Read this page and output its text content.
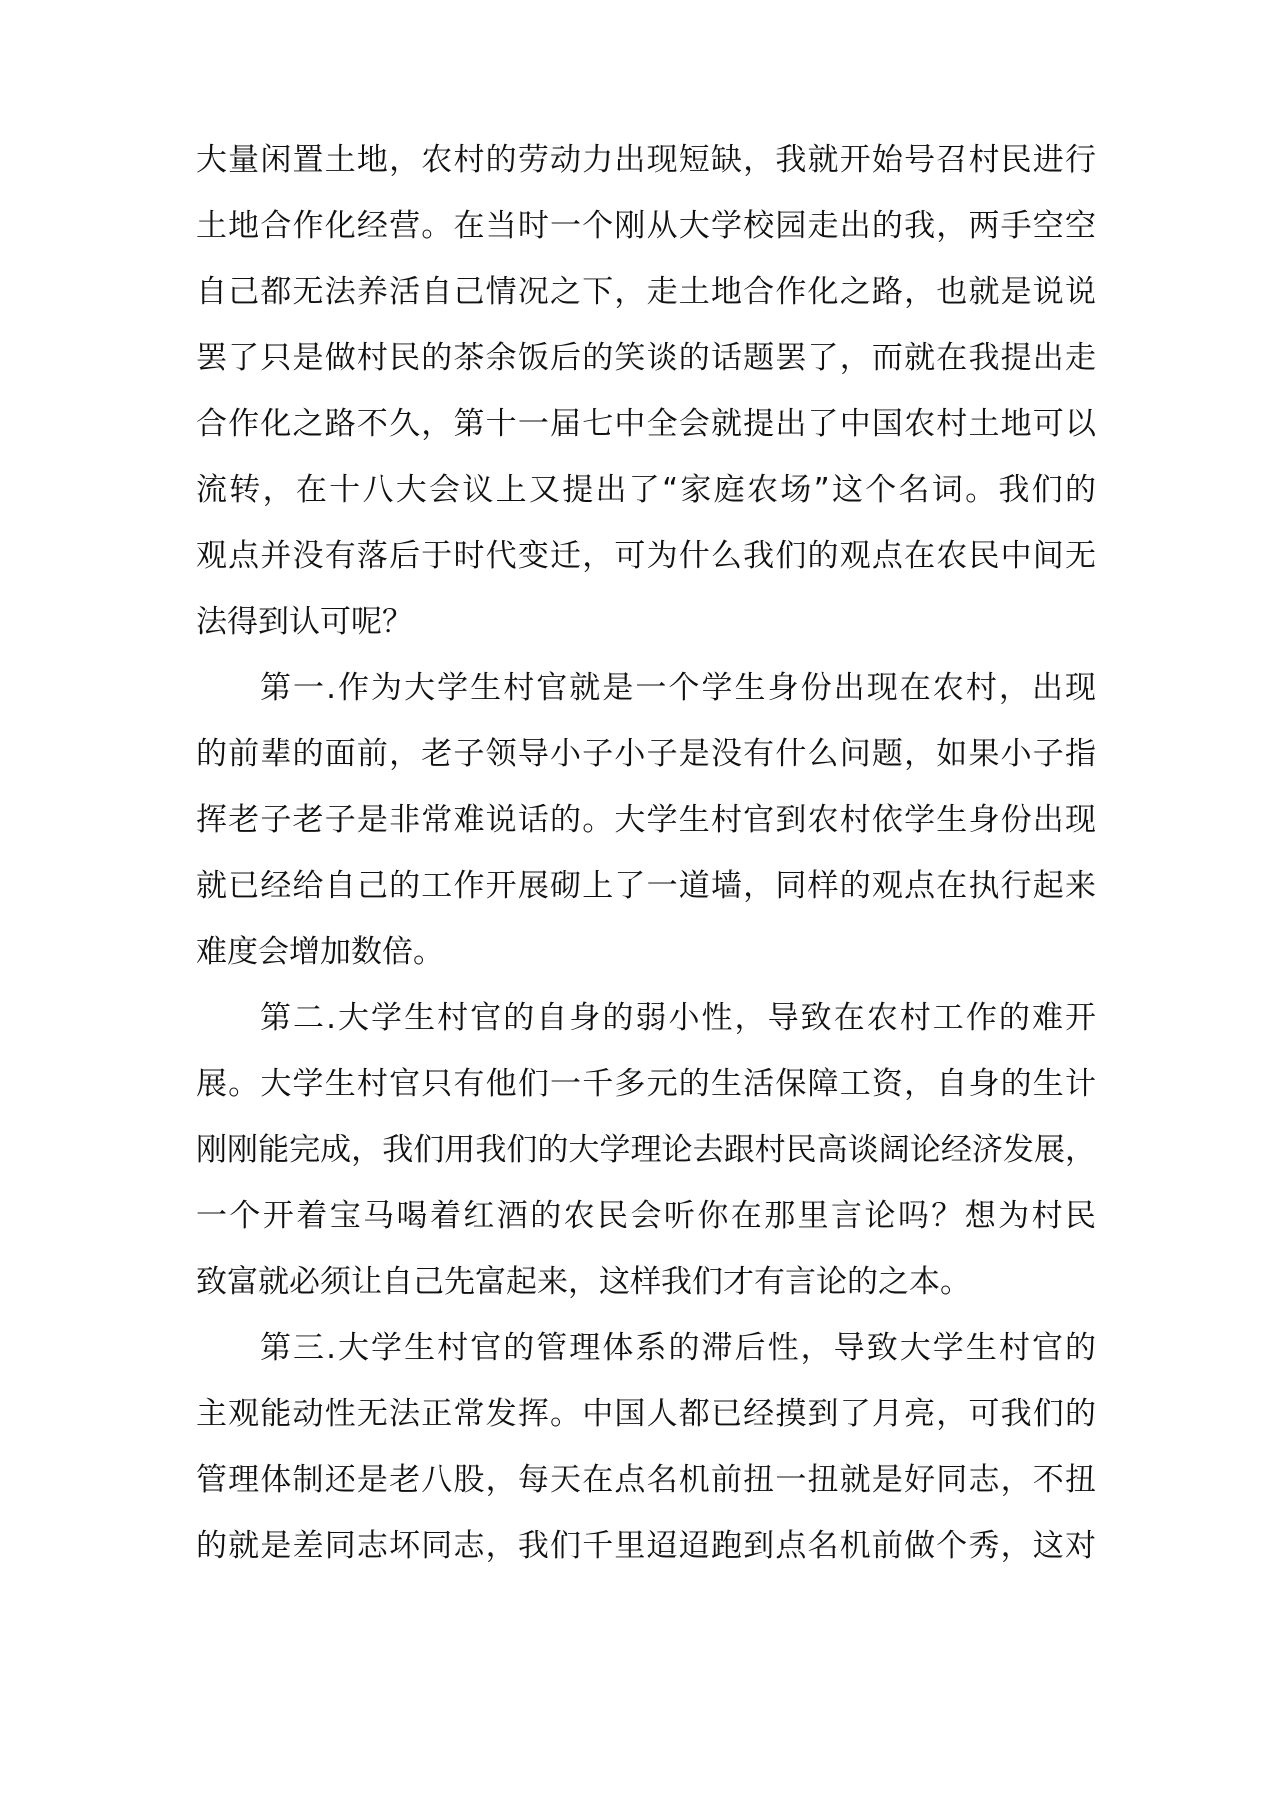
大量闲置土地，农村的劳动力出现短缺，我就开始号召村民进行
土地合作化经营。在当时一个刚从大学校园走出的我，两手空空
自己都无法养活自己情况之下，走土地合作化之路，也就是说说
罢了只是做村民的茶余饭后的笑谈的话题罢了，而就在我提出走
合作化之路不久，第十一届七中全会就提出了中国农村土地可以
流转，在十八大会议上又提出了“家庭农场”这个名词。我们的
观点并没有落后于时代变迁，可为什么我们的观点在农民中间无
法得到认可呢？
第一.作为大学生村官就是一个学生身份出现在农村，出现
的前辈的面前，老子领导小子小子是没有什么问题，如果小子指
挥老子老子是非常难说话的。大学生村官到农村依学生身份出现
就已经给自己的工作开展砌上了一道墙，同样的观点在执行起来
难度会增加数倍。
第二.大学生村官的自身的弱小性，导致在农村工作的难开
展。大学生村官只有他们一千多元的生活保障工资，自身的生计
刚刚能完成，我们用我们的大学理论去跟村民高谈阔论经济发展，
一个开着宝马喝着红酒的农民会听你在那里言论吗？想为村民
致富就必须让自己先富起来，这样我们才有言论的之本。
第三.大学生村官的管理体系的滞后性，导致大学生村官的
主观能动性无法正常发挥。中国人都已经摸到了月亮，可我们的
管理体制还是老八股，每天在点名机前扭一扭就是好同志，不扭
的就是差同志坏同志，我们千里迢迢跑到点名机前做个秀，这对
